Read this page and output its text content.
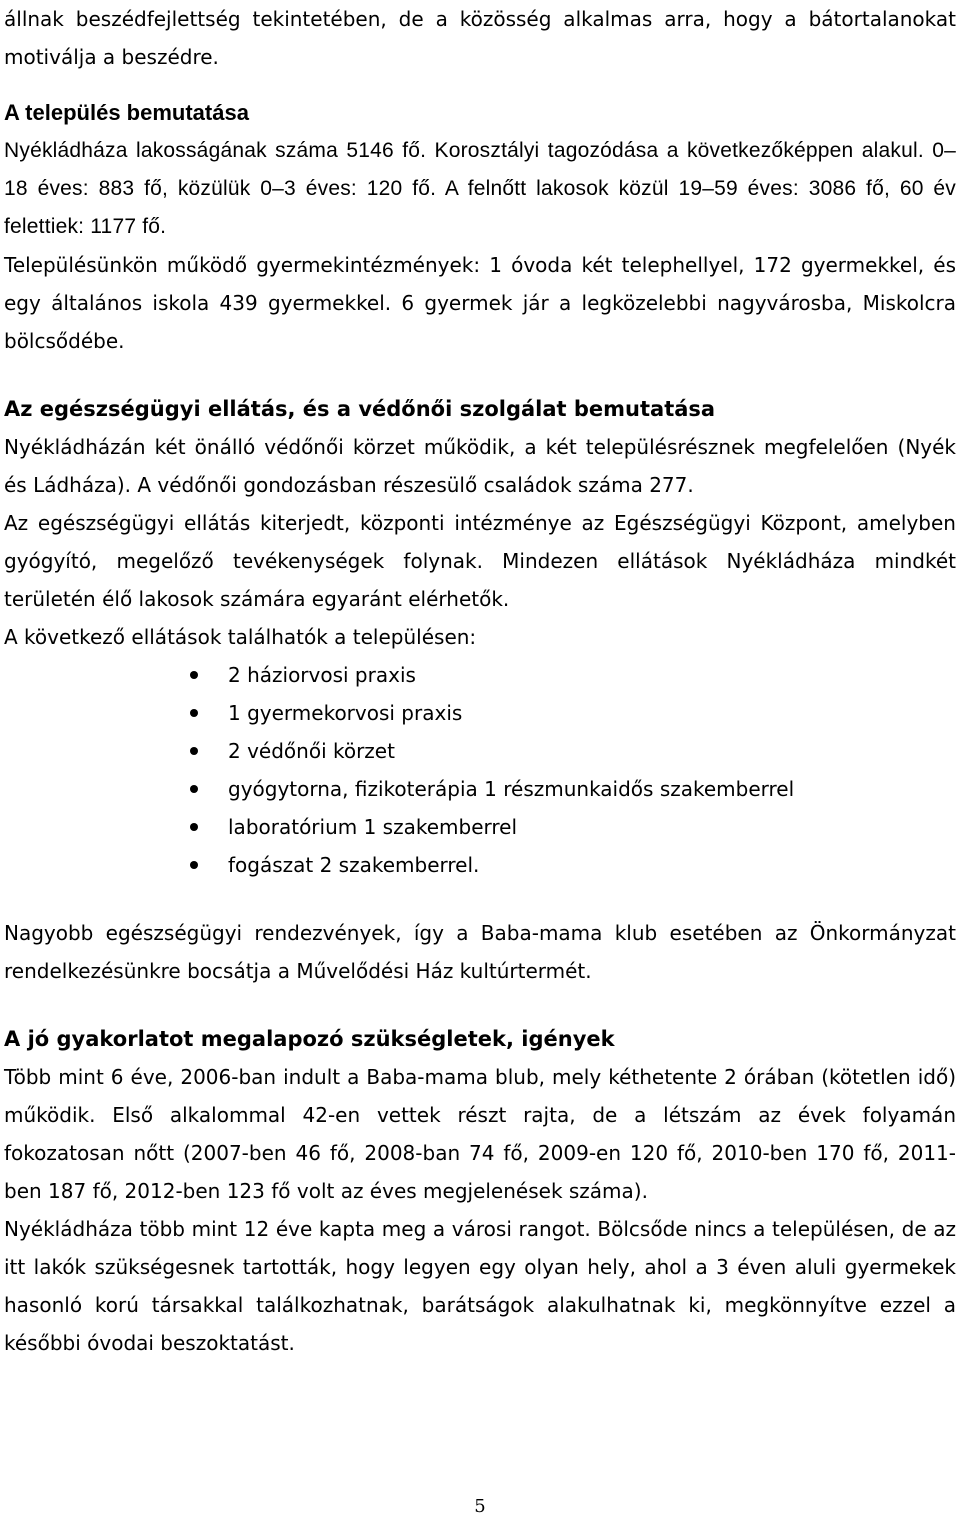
állnak beszédfejlettség tekintetében, de a közösség alkalmas arra, hogy a bátortalanokat motiválja a beszédre.

A település bemutatása

Nyékládháza lakosságának száma 5146 fő. Korosztályi tagozódása a következőképpen alakul. 0–18 éves: 883 fő, közülük 0–3 éves: 120 fő. A felnőtt lakosok közül 19–59 éves: 3086 fő, 60 év felettiek: 1177 fő.

Településünkön működő gyermekintézmények: 1 óvoda két telephellyel, 172 gyermekkel, és egy általános iskola 439 gyermekkel. 6 gyermek jár a legközelebbi nagyvárosba, Miskolcra bölcsődébe.

Az egészségügyi ellátás, és a védőnői szolgálat bemutatása

Nyékládházán két önálló védőnői körzet működik, a két településrésznek megfelelően (Nyék és Ládháza). A védőnői gondozásban részesülő családok száma 277.

Az egészségügyi ellátás kiterjedt, központi intézménye az Egészségügyi Központ, amelyben gyógyító, megelőző tevékenységek folynak. Mindezen ellátások Nyékládháza mindkét területén élő lakosok számára egyaránt elérhetők.

A következő ellátások találhatók a településen:

2 háziorvosi praxis
1 gyermekorvosi praxis
2 védőnői körzet
gyógytorna, fizikoterápia 1 részmunkaidős szakemberrel
laboratórium 1 szakemberrel
fogászat 2 szakemberrel.

Nagyobb egészségügyi rendezvények, így a Baba-mama klub esetében az Önkormányzat rendelkezésünkre bocsátja a Művelődési Ház kultúrtermét.

A jó gyakorlatot megalapozó szükségletek, igények

Több mint 6 éve, 2006-ban indult a Baba-mama blub, mely kéthetente 2 órában (kötetlen idő) működik. Első alkalommal 42-en vettek részt rajta, de a létszám az évek folyamán fokozatosan nőtt (2007-ben 46 fő, 2008-ban 74 fő, 2009-en 120 fő, 2010-ben 170 fő, 2011-ben 187 fő, 2012-ben 123 fő volt az éves megjelenések száma).

Nyékládháza több mint 12 éve kapta meg a városi rangot. Bölcsőde nincs a településen, de az itt lakók szükségesnek tartották, hogy legyen egy olyan hely, ahol a 3 éven aluli gyermekek hasonló korú társakkal találkozhatnak, barátságok alakulhatnak ki, megkönnyítve ezzel a későbbi óvodai beszoktatást.

5
